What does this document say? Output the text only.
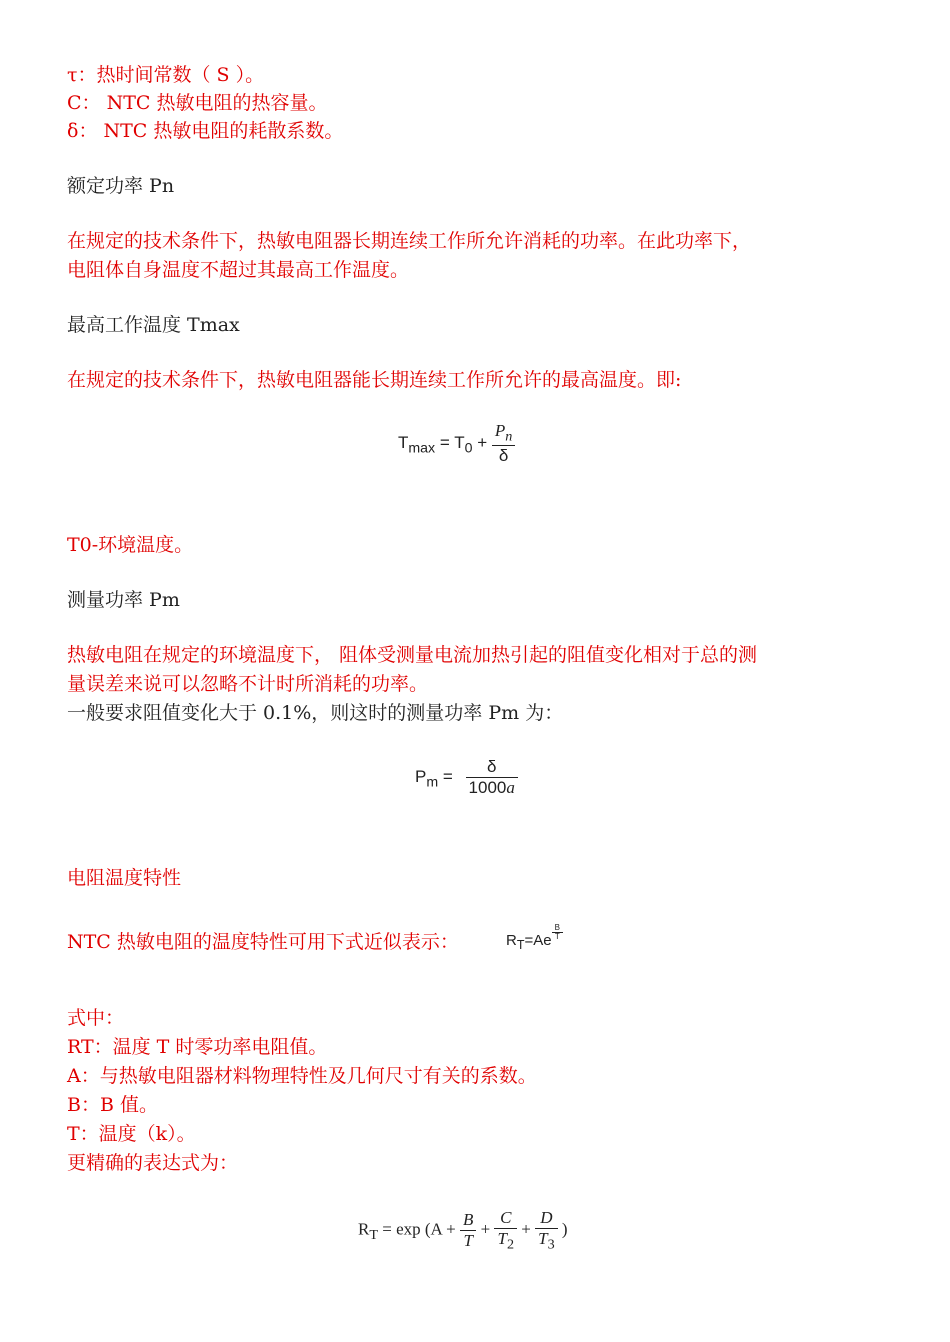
τ：热时间常数（ S ）。
C： NTC 热敏电阻的热容量。
δ： NTC 热敏电阻的耗散系数。
额定功率 Pn
在规定的技术条件下，热敏电阻器长期连续工作所允许消耗的功率。在此功率下，
电阻体自身温度不超过其最高工作温度。
最高工作温度 Tmax
在规定的技术条件下，热敏电阻器能长期连续工作所允许的最高温度。即:
$T_{max} = T_0 + \frac{P_n}{\delta}$
T0-环境温度。
测量功率 Pm
热敏电阻在规定的环境温度下， 阻体受测量电流加热引起的阻值变化相对于总的测
量误差来说可以忽略不计时所消耗的功率。
一般要求阻值变化大于 0.1%，则这时的测量功率 Pm 为：
$P_m = \frac{\delta}{1000a}$
电阻温度特性
NTC 热敏电阻的温度特性可用下式近似表示：	$R_T=Ae \frac{B}{T}$
式中：
RT：温度 T 时零功率电阻值。
A：与热敏电阻器材料物理特性及几何尺寸有关的系数。
B：B 值。
T：温度（k）。
更精确的表达式为：
$R_T = \exp (A + \frac{B}{T} + \frac{C}{T_2} + \frac{D}{T_3}$ )
